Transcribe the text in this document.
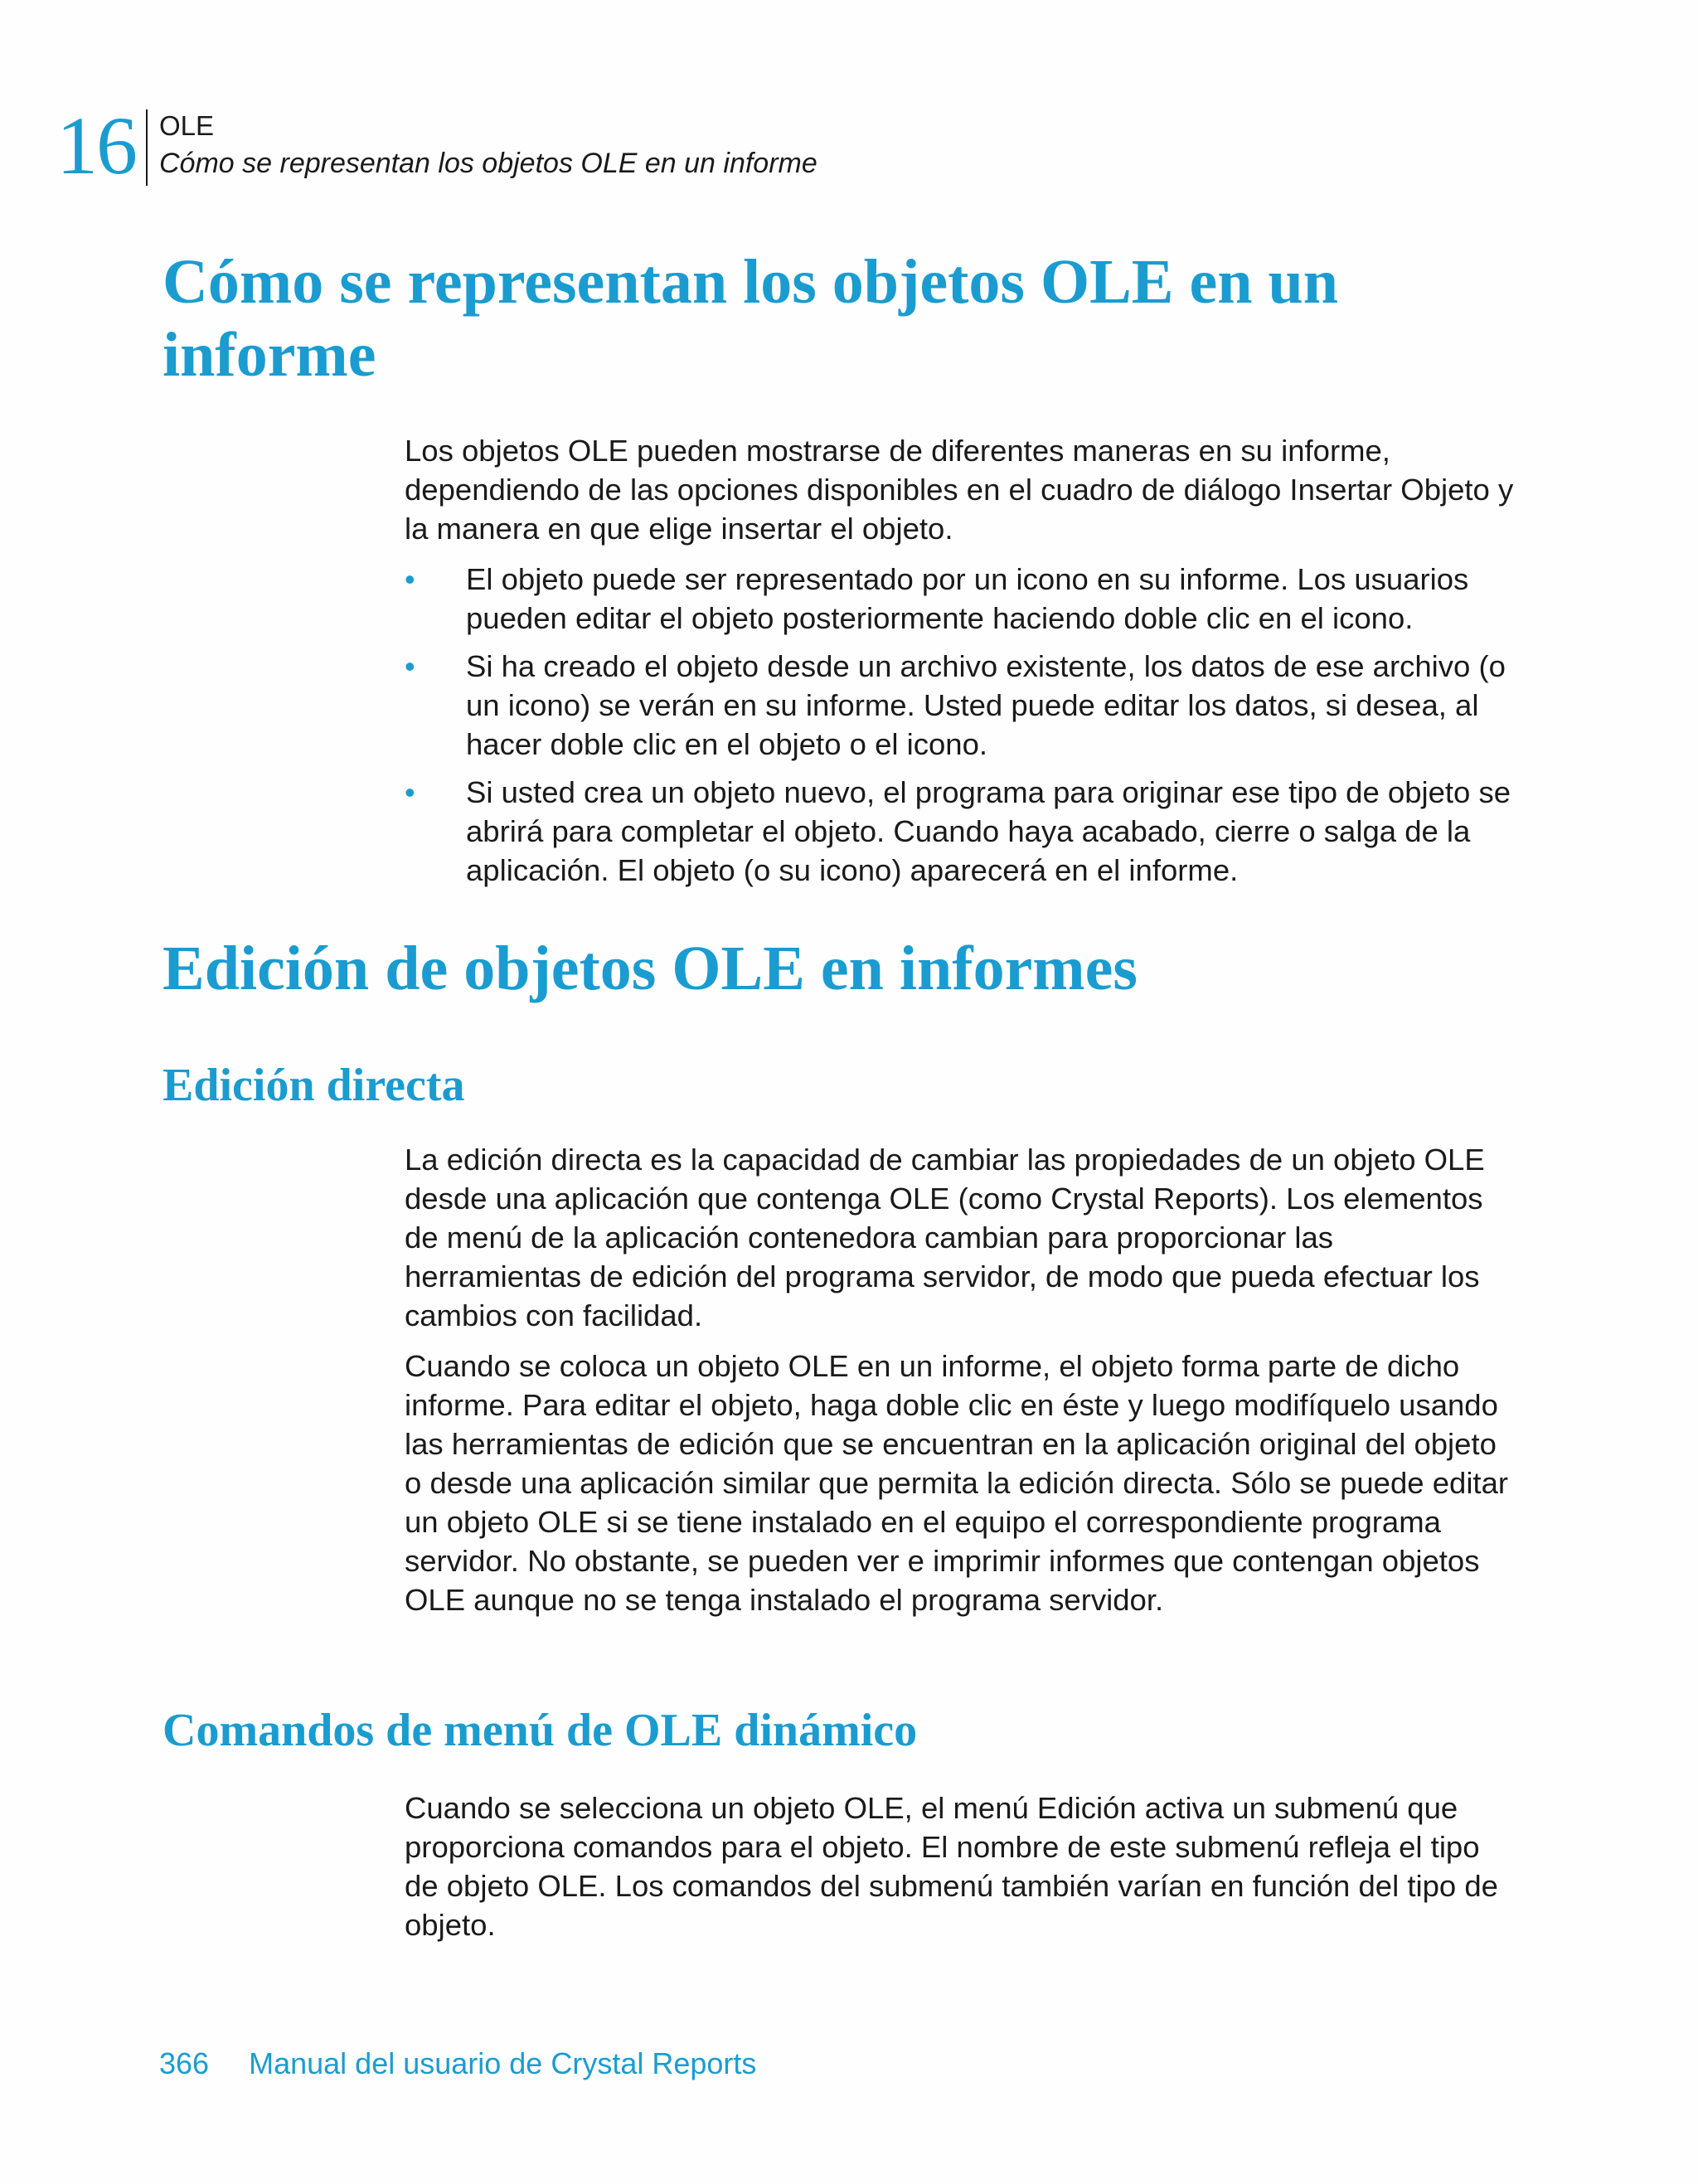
16 OLE
Cómo se representan los objetos OLE en un informe
Cómo se representan los objetos OLE en un
informe

Los objetos OLE pueden mostrarse de diferentes maneras en su informe, dependiendo de las opciones disponibles en el cuadro de diálogo Insertar Objeto y la manera en que elige insertar el objeto.

• El objeto puede ser representado por un icono en su informe. Los usuarios pueden editar el objeto posteriormente haciendo doble clic en el icono.
• Si ha creado el objeto desde un archivo existente, los datos de ese archivo (o un icono) se verán en su informe. Usted puede editar los datos, si desea, al hacer doble clic en el objeto o el icono.
• Si usted crea un objeto nuevo, el programa para originar ese tipo de objeto se abrirá para completar el objeto. Cuando haya acabado, cierre o salga de la aplicación. El objeto (o su icono) aparecerá en el informe.
Edición de objetos OLE en informes
Edición directa

La edición directa es la capacidad de cambiar las propiedades de un objeto OLE desde una aplicación que contenga OLE (como Crystal Reports). Los elementos de menú de la aplicación contenedora cambian para proporcionar las herramientas de edición del programa servidor, de modo que pueda efectuar los cambios con facilidad.

Cuando se coloca un objeto OLE en un informe, el objeto forma parte de dicho informe. Para editar el objeto, haga doble clic en éste y luego modifíquelo usando las herramientas de edición que se encuentran en la aplicación original del objeto o desde una aplicación similar que permita la edición directa. Sólo se puede editar un objeto OLE si se tiene instalado en el equipo el correspondiente programa servidor. No obstante, se pueden ver e imprimir informes que contengan objetos OLE aunque no se tenga instalado el programa servidor.

Comandos de menú de OLE dinámico

Cuando se selecciona un objeto OLE, el menú Edición activa un submenú que proporciona comandos para el objeto. El nombre de este submenú refleja el tipo de objeto OLE. Los comandos del submenú también varían en función del tipo de objeto.

366 Manual del usuario de Crystal Reports
